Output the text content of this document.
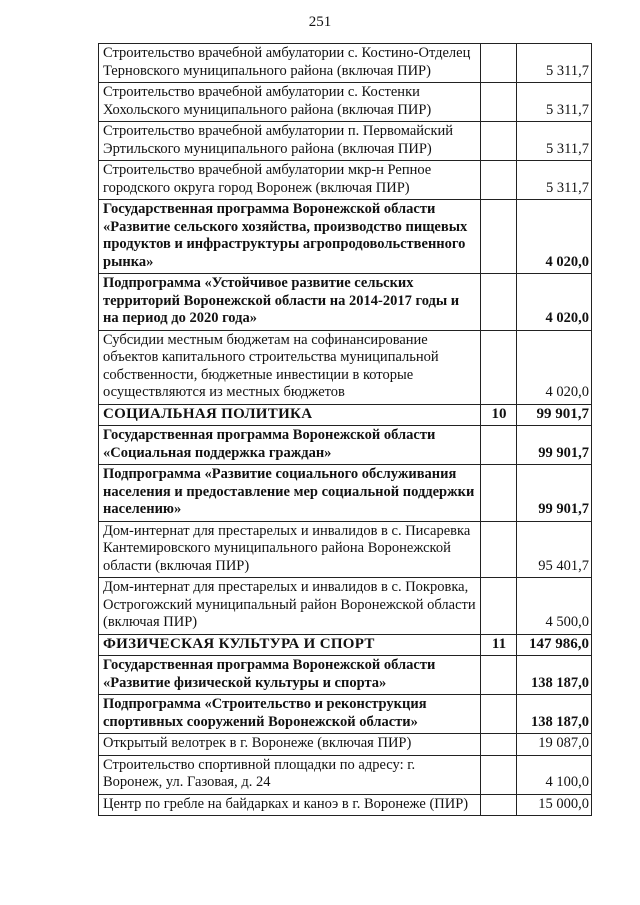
251
Строительство врачебной амбулатории с. Костино-Отделец Терновского муниципального района (включая ПИР)		5 311,7
Строительство врачебной амбулатории с. Костенки Хохольского муниципального района (включая ПИР)		5 311,7
Строительство врачебной амбулатории п. Первомайский Эртильского муниципального района (включая ПИР)		5 311,7
Строительство врачебной амбулатории мкр-н Репное городского округа город Воронеж (включая ПИР)		5 311,7
Государственная программа Воронежской области «Развитие сельского хозяйства, производство пищевых продуктов и инфраструктуры агропродовольственного рынка»		4 020,0
Подпрограмма «Устойчивое развитие сельских территорий Воронежской области на 2014-2017 годы и на период до 2020 года»		4 020,0
Субсидии местным бюджетам на софинансирование объектов капитального строительства муниципальной собственности, бюджетные инвестиции в которые осуществляются из местных бюджетов		4 020,0
СОЦИАЛЬНАЯ ПОЛИТИКА	10	99 901,7
Государственная программа Воронежской области «Социальная поддержка граждан»		99 901,7
Подпрограмма «Развитие социального обслуживания населения и предоставление мер социальной поддержки населению»		99 901,7
Дом-интернат для престарелых и инвалидов в с. Писаревка Кантемировского муниципального района Воронежской области (включая ПИР)		95 401,7
Дом-интернат для престарелых и инвалидов в с. Покровка, Острогожский муниципальный район Воронежской области (включая ПИР)		4 500,0
ФИЗИЧЕСКАЯ КУЛЬТУРА И СПОРТ	11	147 986,0
Государственная программа Воронежской области «Развитие физической культуры и спорта»		138 187,0
Подпрограмма «Строительство и реконструкция спортивных сооружений Воронежской области»		138 187,0
Открытый велотрек в г. Воронеже (включая ПИР)		19 087,0
Строительство спортивной площадки по адресу: г. Воронеж, ул. Газовая, д. 24		4 100,0
Центр по гребле на байдарках и каноэ в г. Воронеже (ПИР)		15 000,0
